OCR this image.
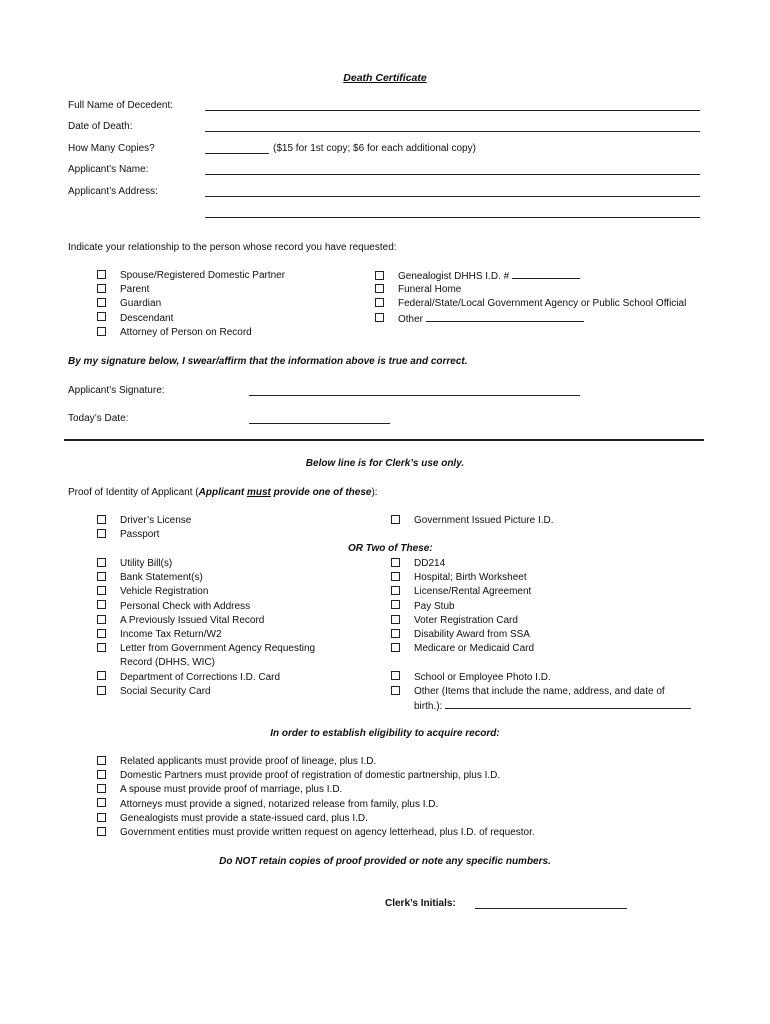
Death Certificate
Full Name of Decedent:
Date of Death:
How Many Copies?	($15 for 1st copy; $6 for each additional copy)
Applicant’s Name:
Applicant’s Address:
Indicate your relationship to the person whose record you have requested:
Spouse/Registered Domestic Partner
Parent
Guardian
Descendant
Attorney of Person on Record
Genealogist DHHS I.D. #
Funeral Home
Federal/State/Local Government Agency or Public School Official
Other
By my signature below, I swear/affirm that the information above is true and correct.
Applicant’s Signature:
Today’s Date:
Below line is for Clerk’s use only.
Proof of Identity of Applicant (Applicant must provide one of these):
Driver’s License
Passport
Government Issued Picture I.D.
OR Two of These:
Utility Bill(s)
Bank Statement(s)
Vehicle Registration
Personal Check with Address
A Previously Issued Vital Record
Income Tax Return/W2
Letter from Government Agency Requesting
Record (DHHS, WIC)
Department of Corrections I.D. Card
Social Security Card
DD214
Hospital; Birth Worksheet
License/Rental Agreement
Pay Stub
Voter Registration Card
Disability Award from SSA
Medicare or Medicaid Card
School or Employee Photo I.D.
Other (Items that include the name, address, and date of
birth.):
In order to establish eligibility to acquire record:
Related applicants must provide proof of lineage, plus I.D.
Domestic Partners must provide proof of registration of domestic partnership, plus I.D.
A spouse must provide proof of marriage, plus I.D.
Attorneys must provide a signed, notarized release from family, plus I.D.
Genealogists must provide a state-issued card, plus I.D.
Government entities must provide written request on agency letterhead, plus I.D. of requestor.
Do NOT retain copies of proof provided or note any specific numbers.
Clerk’s Initials:
